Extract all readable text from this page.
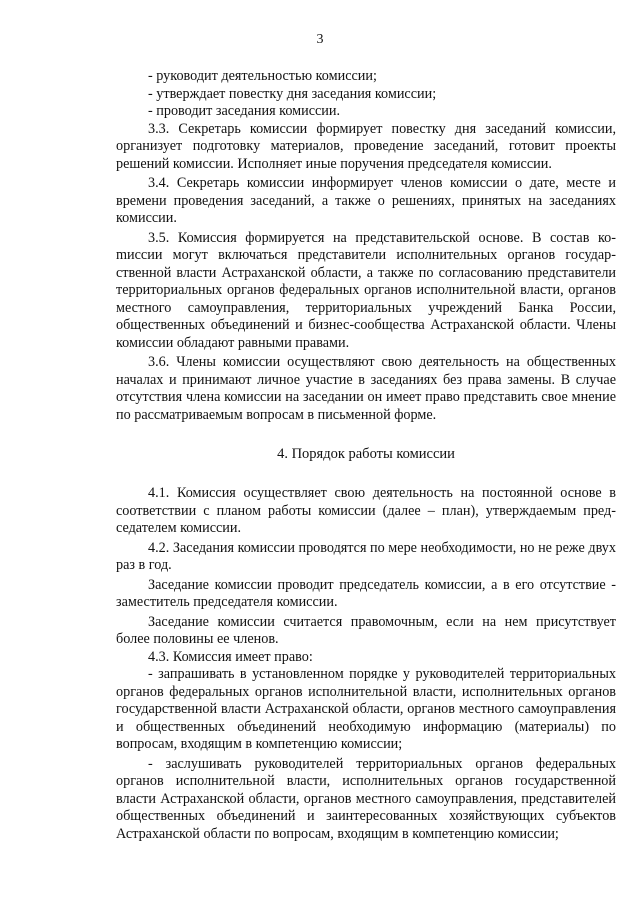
3

- руководит деятельностью комиссии;

- утверждает повестку дня заседания комиссии;

- проводит заседания комиссии.

3.3. Секретарь комиссии формирует повестку дня заседаний комиссии, организует подготовку материалов, проведение заседаний, готовит проекты решений комиссии. Исполняет иные поручения председателя комиссии.

3.4. Секретарь комиссии информирует членов комиссии о дате, месте и времени проведения заседаний, а также о решениях, принятых на заседаниях комиссии.

3.5. Комиссия формируется на представительской основе. В состав коmиссии могут включаться представители исполнительных органов государственной власти Астраханской области, а также по согласованию представители территориальных органов федеральных органов исполнительной власти, органов местного самоуправления, территориальных учреждений Банка России, общественных объединений и бизнес-сообщества Астраханской области. Члены комиссии обладают равными правами.

3.6. Члены комиссии осуществляют свою деятельность на общественных началах и принимают личное участие в заседаниях без права замены. В случае отсутствия члена комиссии на заседании он имеет право представить свое мнение по рассматриваемым вопросам в письменной форме.

4. Порядок работы комиссии

4.1. Комиссия осуществляет свою деятельность на постоянной основе в соответствии с планом работы комиссии (далее – план), утверждаемым председателем комиссии.

4.2. Заседания комиссии проводятся по мере необходимости, но не реже двух раз в год.

Заседание комиссии проводит председатель комиссии, а в его отсутствие - заместитель председателя комиссии.

Заседание комиссии считается правомочным, если на нем присутствует более половины ее членов.

4.3. Комиссия имеет право:

- запрашивать в установленном порядке у руководителей территориальных органов федеральных органов исполнительной власти, исполнительных органов государственной власти Астраханской области, органов местного самоуправления и общественных объединений необходимую информацию (материалы) по вопросам, входящим в компетенцию комиссии;

- заслушивать руководителей территориальных органов федеральных органов исполнительной власти, исполнительных органов государственной власти Астраханской области, органов местного самоуправления, представителей общественных объединений и заинтересованных хозяйствующих субъектов Астраханской области по вопросам, входящим в компетенцию комиссии;
